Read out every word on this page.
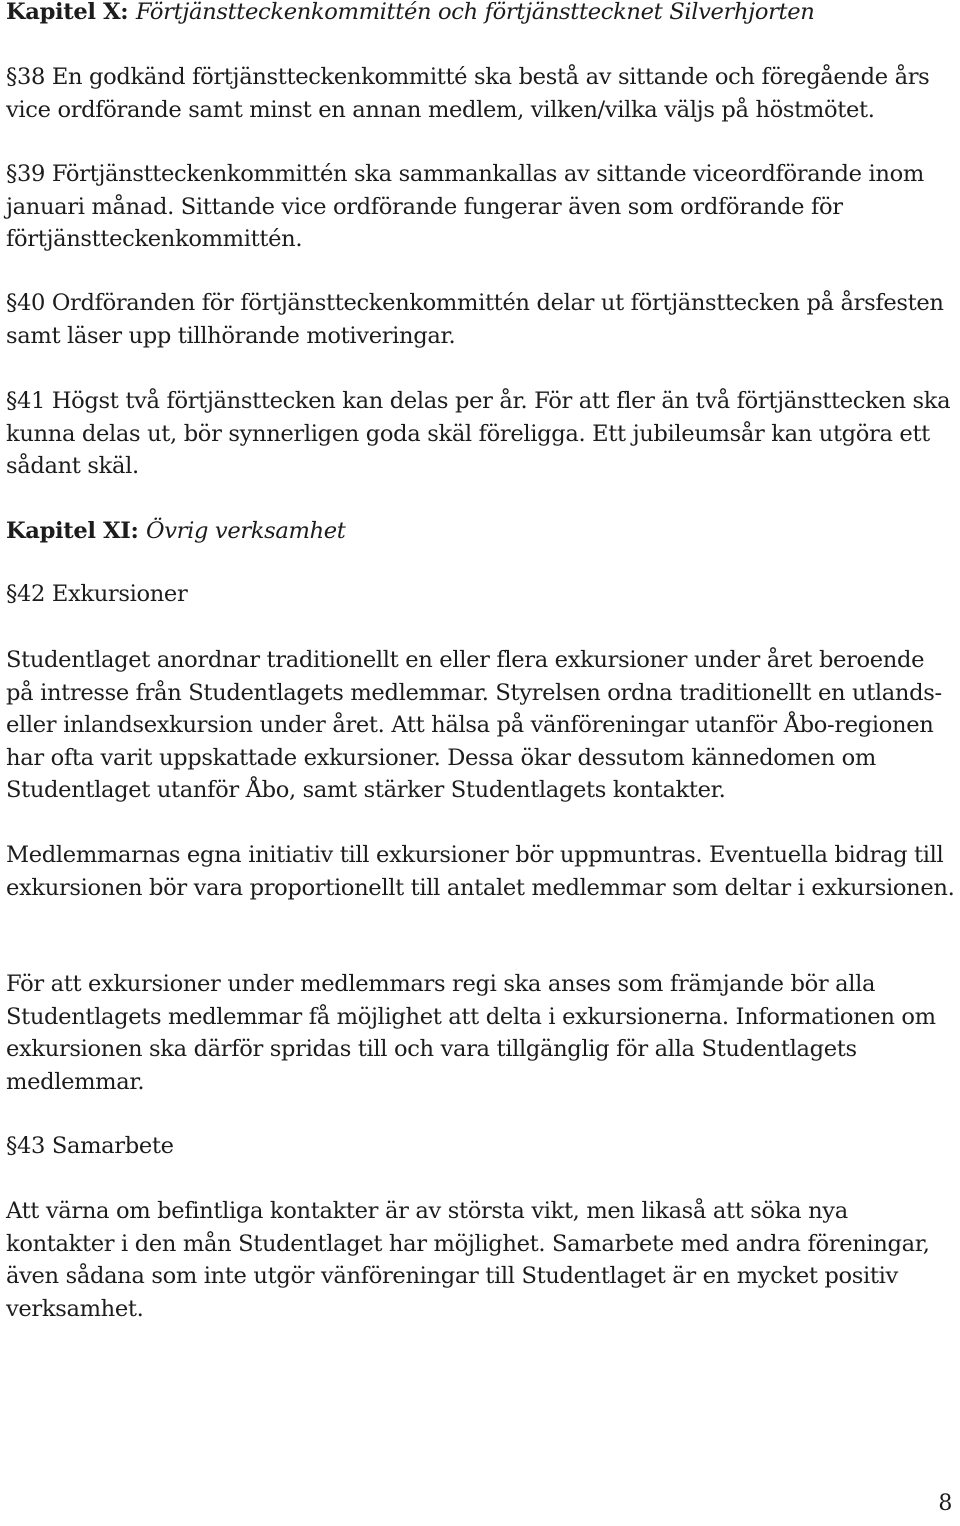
Kapitel X: Förtjänstteckenkommittén och förtjänsttecknet Silverhjorten

§38 En godkänd förtjänstteckenkommitté ska bestå av sittande och föregående års vice ordförande samt minst en annan medlem, vilken/vilka väljs på höstmötet.

§39 Förtjänstteckenkommittén ska sammankallas av sittande viceordförande inom januari månad. Sittande vice ordförande fungerar även som ordförande för förtjänstteckenkommittén.

§40 Ordföranden för förtjänstteckenkommittén delar ut förtjänsttecken på årsfesten samt läser upp tillhörande motiveringar.

§41 Högst två förtjänsttecken kan delas per år. För att fler än två förtjänsttecken ska kunna delas ut, bör synnerligen goda skäl föreligga. Ett jubileumsår kan utgöra ett sådant skäl.

Kapitel XI: Övrig verksamhet

§42 Exkursioner

Studentlaget anordnar traditionellt en eller flera exkursioner under året beroende på intresse från Studentlagets medlemmar. Styrelsen ordna traditionellt en utlands- eller inlandsexkursion under året. Att hälsa på vänföreningar utanför Åbo-regionen har ofta varit uppskattade exkursioner. Dessa ökar dessutom kännedomen om Studentlaget utanför Åbo, samt stärker Studentlagets kontakter.

Medlemmarnas egna initiativ till exkursioner bör uppmuntras. Eventuella bidrag till exkursionen bör vara proportionellt till antalet medlemmar som deltar i exkursionen.

För att exkursioner under medlemmars regi ska anses som främjande bör alla Studentlagets medlemmar få möjlighet att delta i exkursionerna. Informationen om exkursionen ska därför spridas till och vara tillgänglig för alla Studentlagets medlemmar.

§43 Samarbete

Att värna om befintliga kontakter är av största vikt, men likaså att söka nya kontakter i den mån Studentlaget har möjlighet. Samarbete med andra föreningar, även sådana som inte utgör vänföreningar till Studentlaget är en mycket positiv verksamhet.

8
